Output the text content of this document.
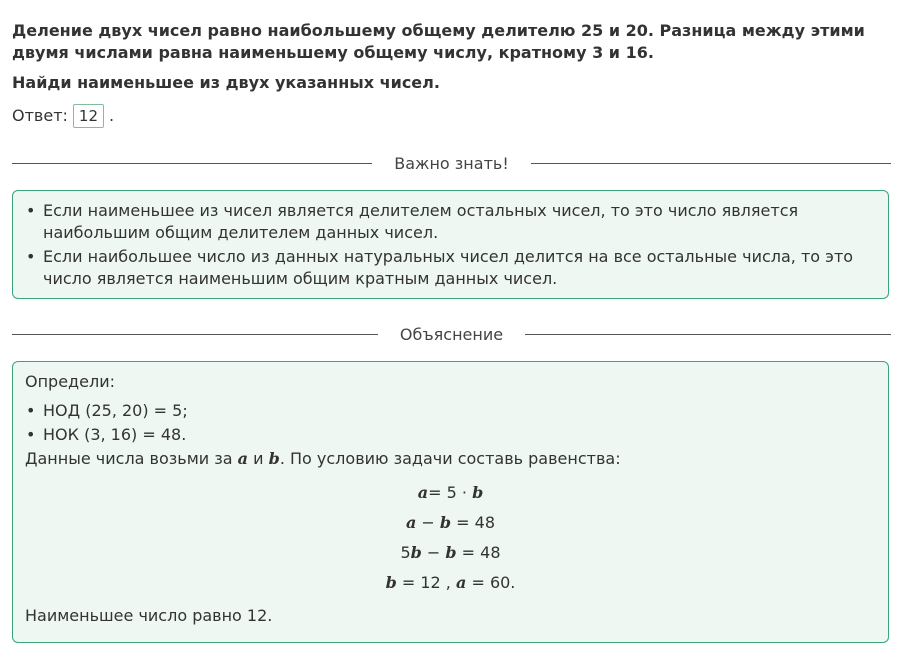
Деление двух чисел равно наибольшему общему делителю 25 и 20. Разница между этими двумя числами равна наименьшему общему числу, кратному 3 и 16.

Найди наименьшее из двух указанных чисел.

Ответ: 12 .
Важно знать!
• Если наименьшее из чисел является делителем остальных чисел, то это число является наибольшим общим делителем данных чисел.
• Если наибольшее число из данных натуральных чисел делится на все остальные числа, то это число является наименьшим общим кратным данных чисел.
Объяснение

Определи:

• НОД (25, 20) = 5;
• НОК (3, 16) = 48.

Данные числа возьми за a и b. По условию задачи составь равенства:

a= 5 · b
a − b = 48
5b − b = 48
b = 12 , a = 60.

Наименьшее число равно 12.
